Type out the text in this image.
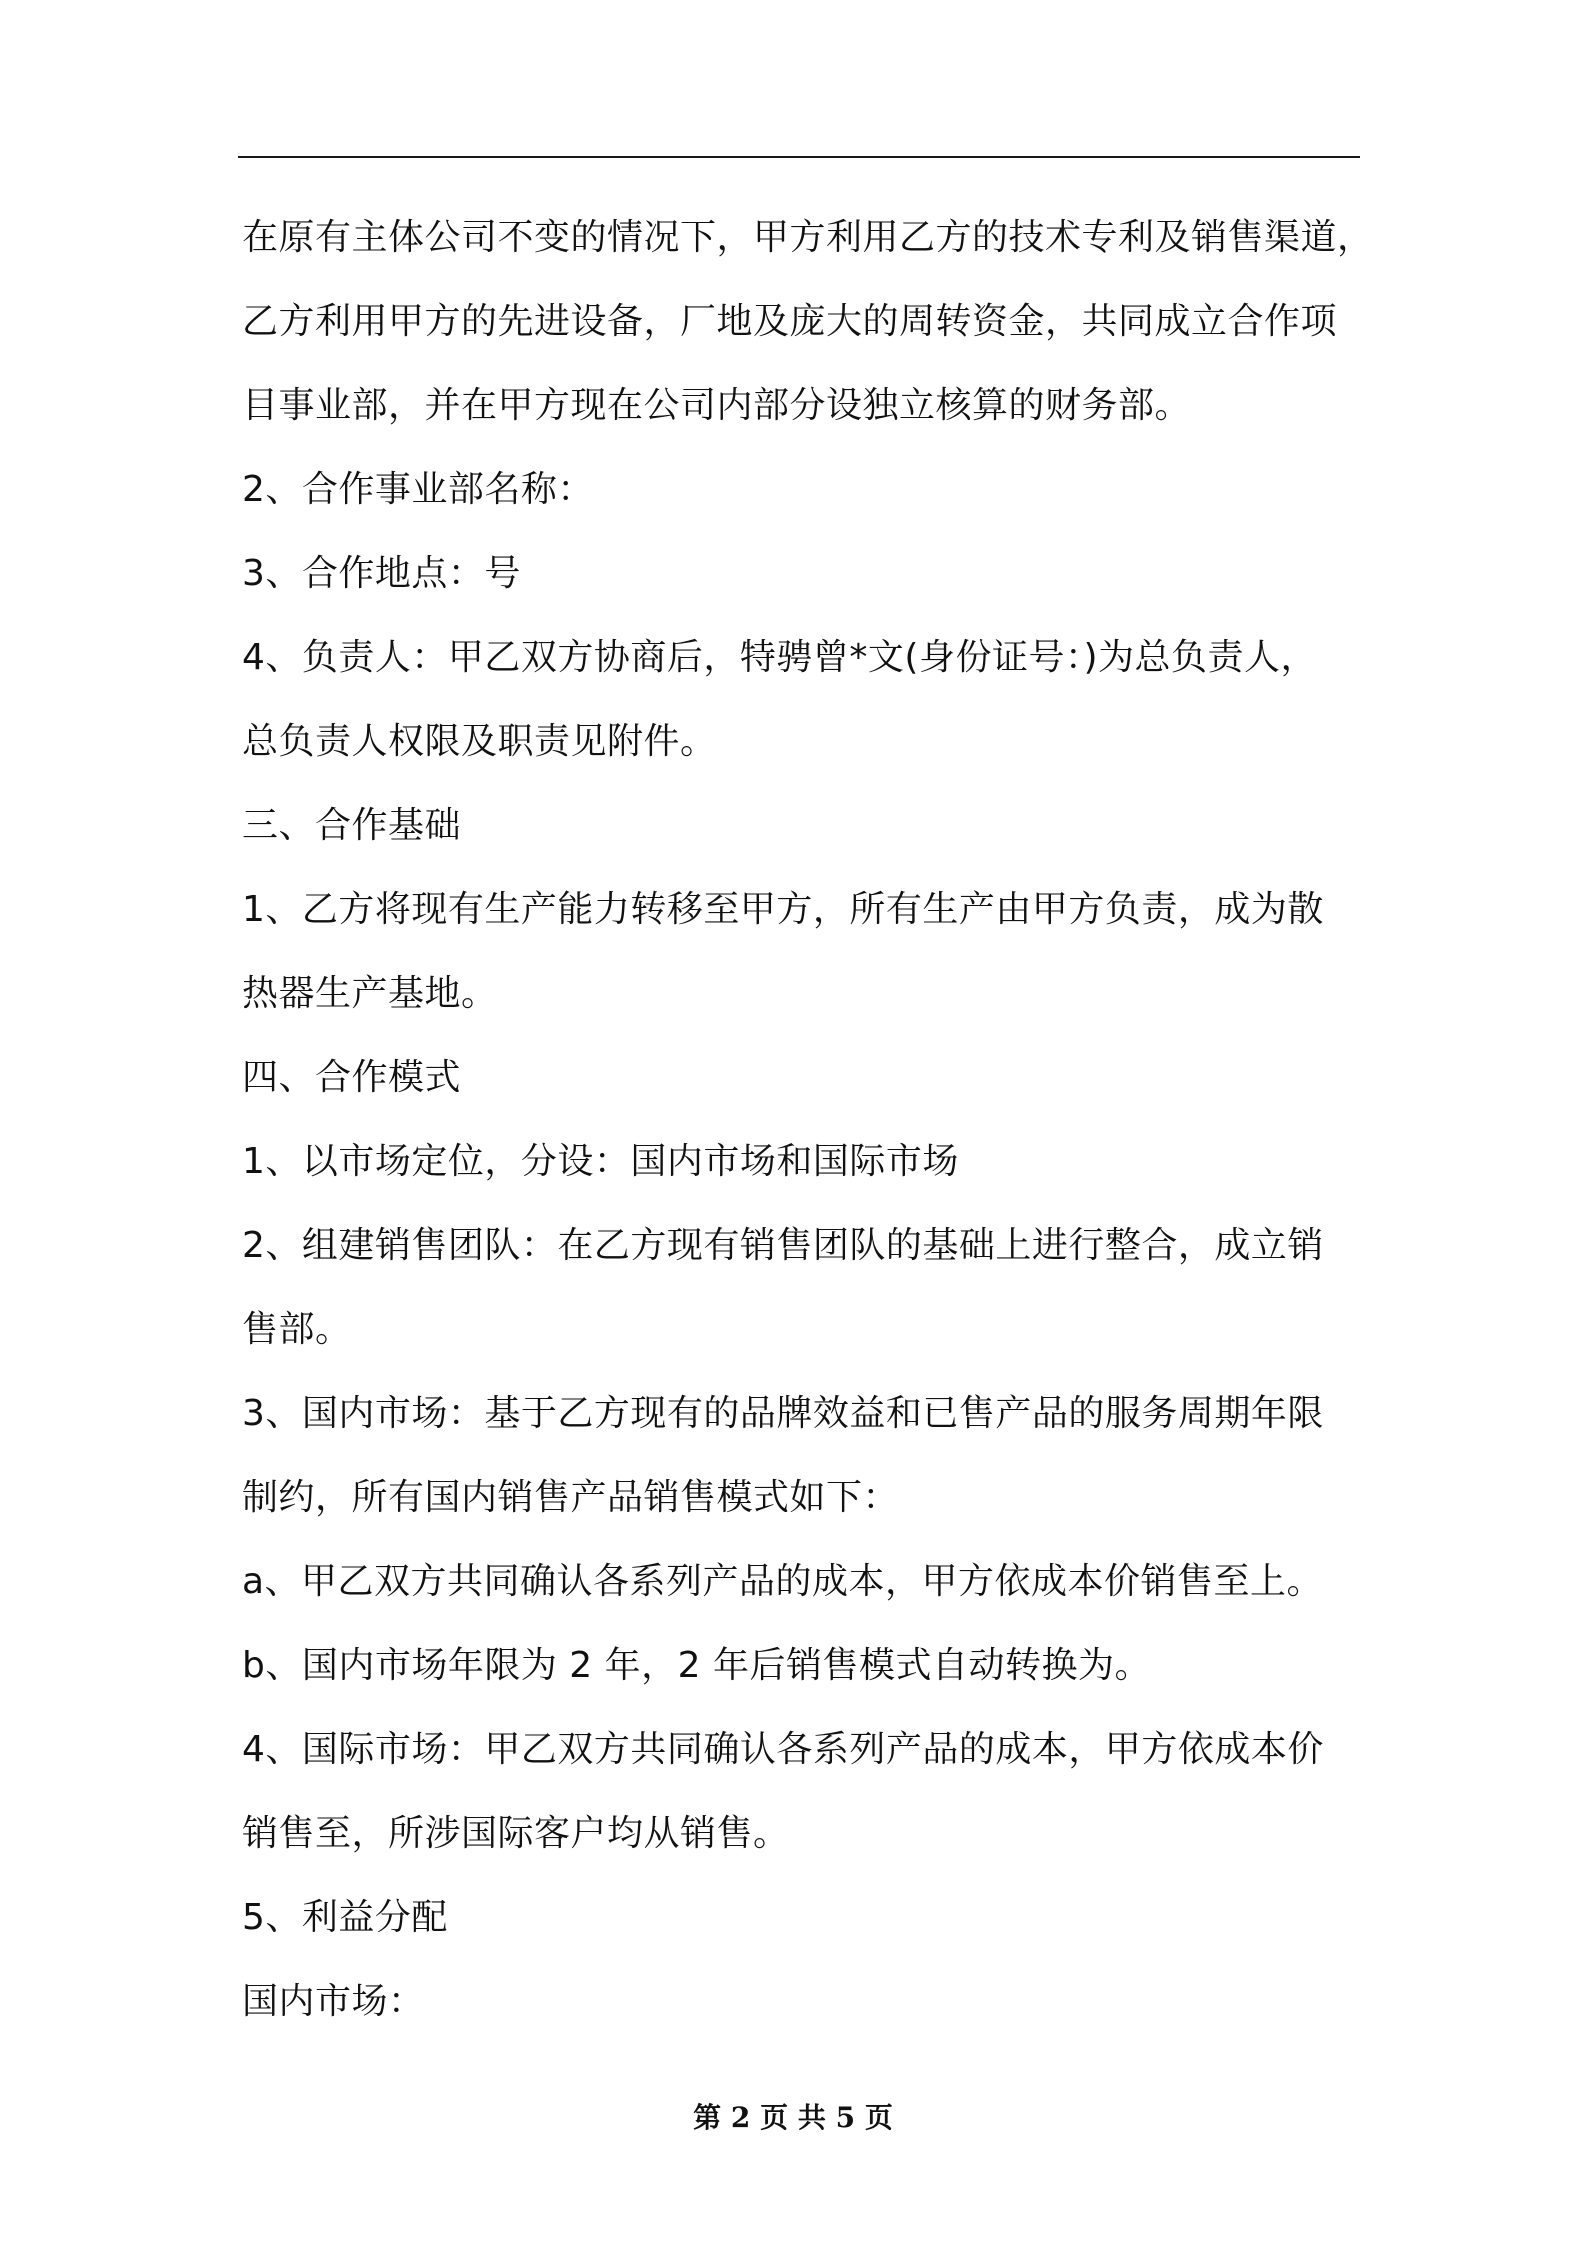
在原有主体公司不变的情况下，甲方利用乙方的技术专利及销售渠道，
乙方利用甲方的先进设备，厂地及庞大的周转资金，共同成立合作项
目事业部，并在甲方现在公司内部分设独立核算的财务部。
2、合作事业部名称：
3、合作地点：号
4、负责人：甲乙双方协商后，特骋曾*文(身份证号：)为总负责人，
总负责人权限及职责见附件。
三、合作基础
1、乙方将现有生产能力转移至甲方，所有生产由甲方负责，成为散
热器生产基地。
四、合作模式
1、以市场定位，分设：国内市场和国际市场
2、组建销售团队：在乙方现有销售团队的基础上进行整合，成立销
售部。
3、国内市场：基于乙方现有的品牌效益和已售产品的服务周期年限
制约，所有国内销售产品销售模式如下：
a、甲乙双方共同确认各系列产品的成本，甲方依成本价销售至上。
b、国内市场年限为 2 年，2 年后销售模式自动转换为。
4、国际市场：甲乙双方共同确认各系列产品的成本，甲方依成本价
销售至，所涉国际客户均从销售。
5、利益分配
国内市场：
第 2 页 共 5 页
